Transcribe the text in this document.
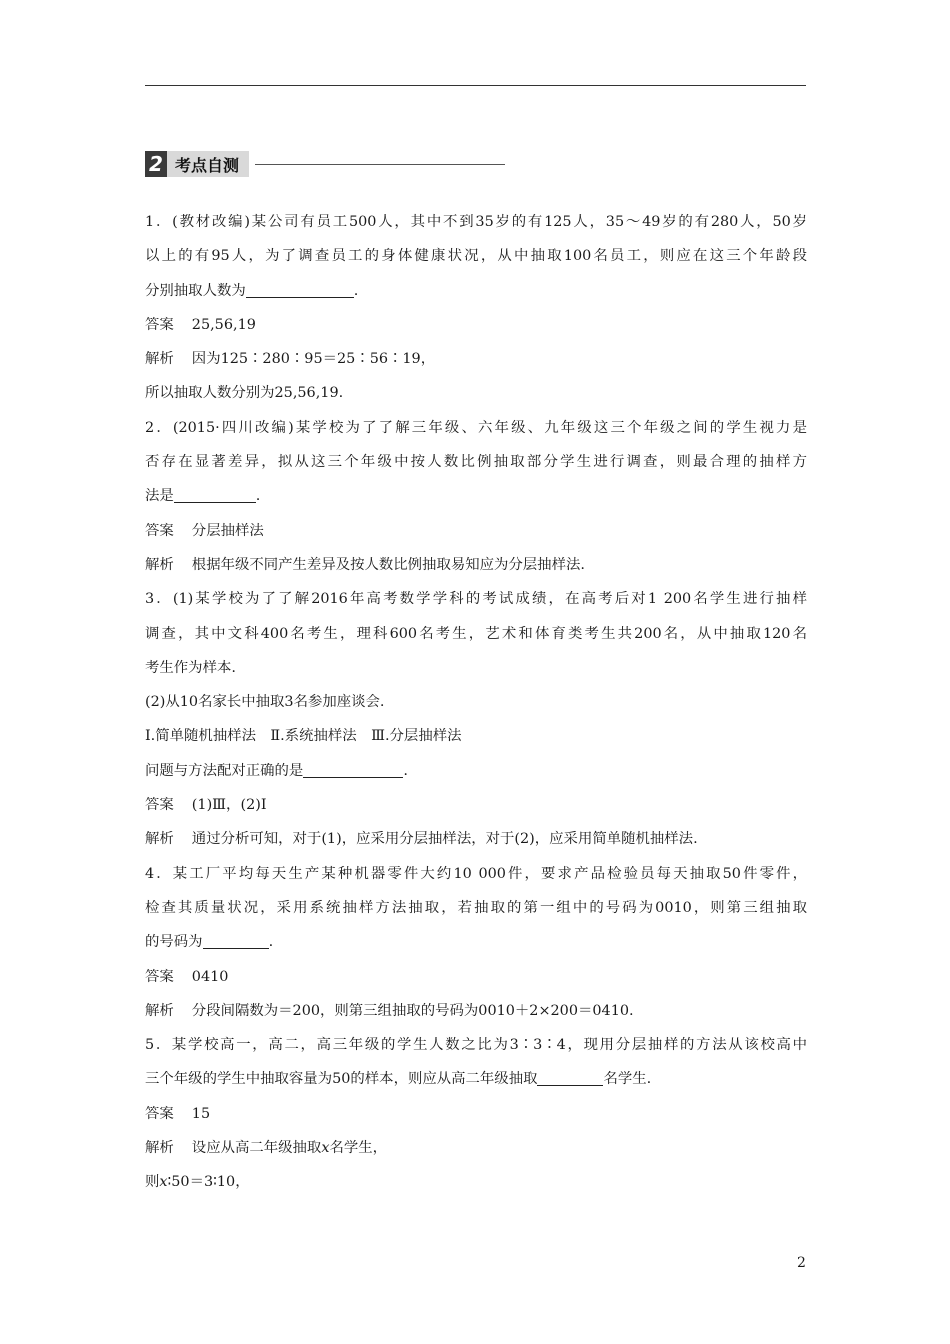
2 考点自测
1．(教材改编)某公司有员工500人，其中不到35岁的有125人，35～49岁的有280人，50岁
以上的有95人，为了调查员工的身体健康状况，从中抽取100名员工，则应在这三个年龄段
分别抽取人数为	.
答案 25,56,19
解析 因为125∶280∶95＝25∶56∶19，
所以抽取人数分别为25,56,19.
2．(2015·四川改编)某学校为了了解三年级、六年级、九年级这三个年级之间的学生视力是
否存在显著差异，拟从这三个年级中按人数比例抽取部分学生进行调查，则最合理的抽样方
法是	.
答案 分层抽样法
解析 根据年级不同产生差异及按人数比例抽取易知应为分层抽样法.
3．(1)某学校为了了解2016年高考数学学科的考试成绩，在高考后对1 200名学生进行抽样
调查，其中文科400名考生，理科600名考生，艺术和体育类考生共200名，从中抽取120名
考生作为样本.
(2)从10名家长中抽取3名参加座谈会.
Ⅰ.简单随机抽样法　Ⅱ.系统抽样法　Ⅲ.分层抽样法
问题与方法配对正确的是	.
答案 (1)Ⅲ，(2)Ⅰ
解析 通过分析可知，对于(1)，应采用分层抽样法，对于(2)，应采用简单随机抽样法.
4．某工厂平均每天生产某种机器零件大约10 000件，要求产品检验员每天抽取50件零件，
检查其质量状况，采用系统抽样方法抽取，若抽取的第一组中的号码为0010，则第三组抽取
的号码为	.
答案 0410
解析 分段间隔数为＝200，则第三组抽取的号码为0010＋2×200＝0410.
5．某学校高一，高二，高三年级的学生人数之比为3∶3∶4，现用分层抽样的方法从该校高中
三个年级的学生中抽取容量为50的样本，则应从高二年级抽取	名学生.
答案 15
解析 设应从高二年级抽取x名学生，
则x∶50＝3∶10，
2
